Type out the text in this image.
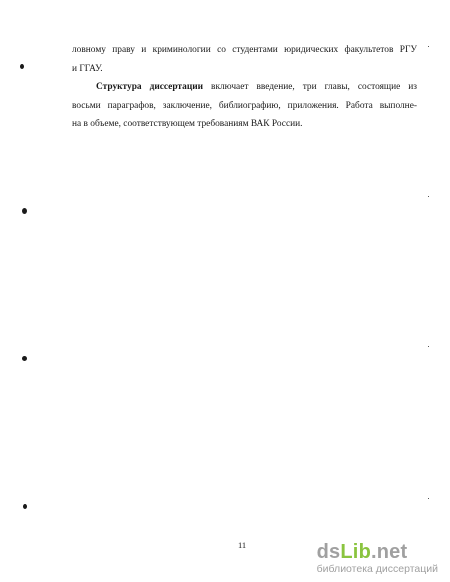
ловному праву и криминологии со студентами юридических факультетов РГУ
и ГГАУ.
Структура диссертации включает введение, три главы, состоящие из
восьми параграфов, заключение, библиографию, приложения. Работа выполне-
на в объеме, соответствующем требованиям ВАК России.
11	dsLib.net
библиотека диссертаций
